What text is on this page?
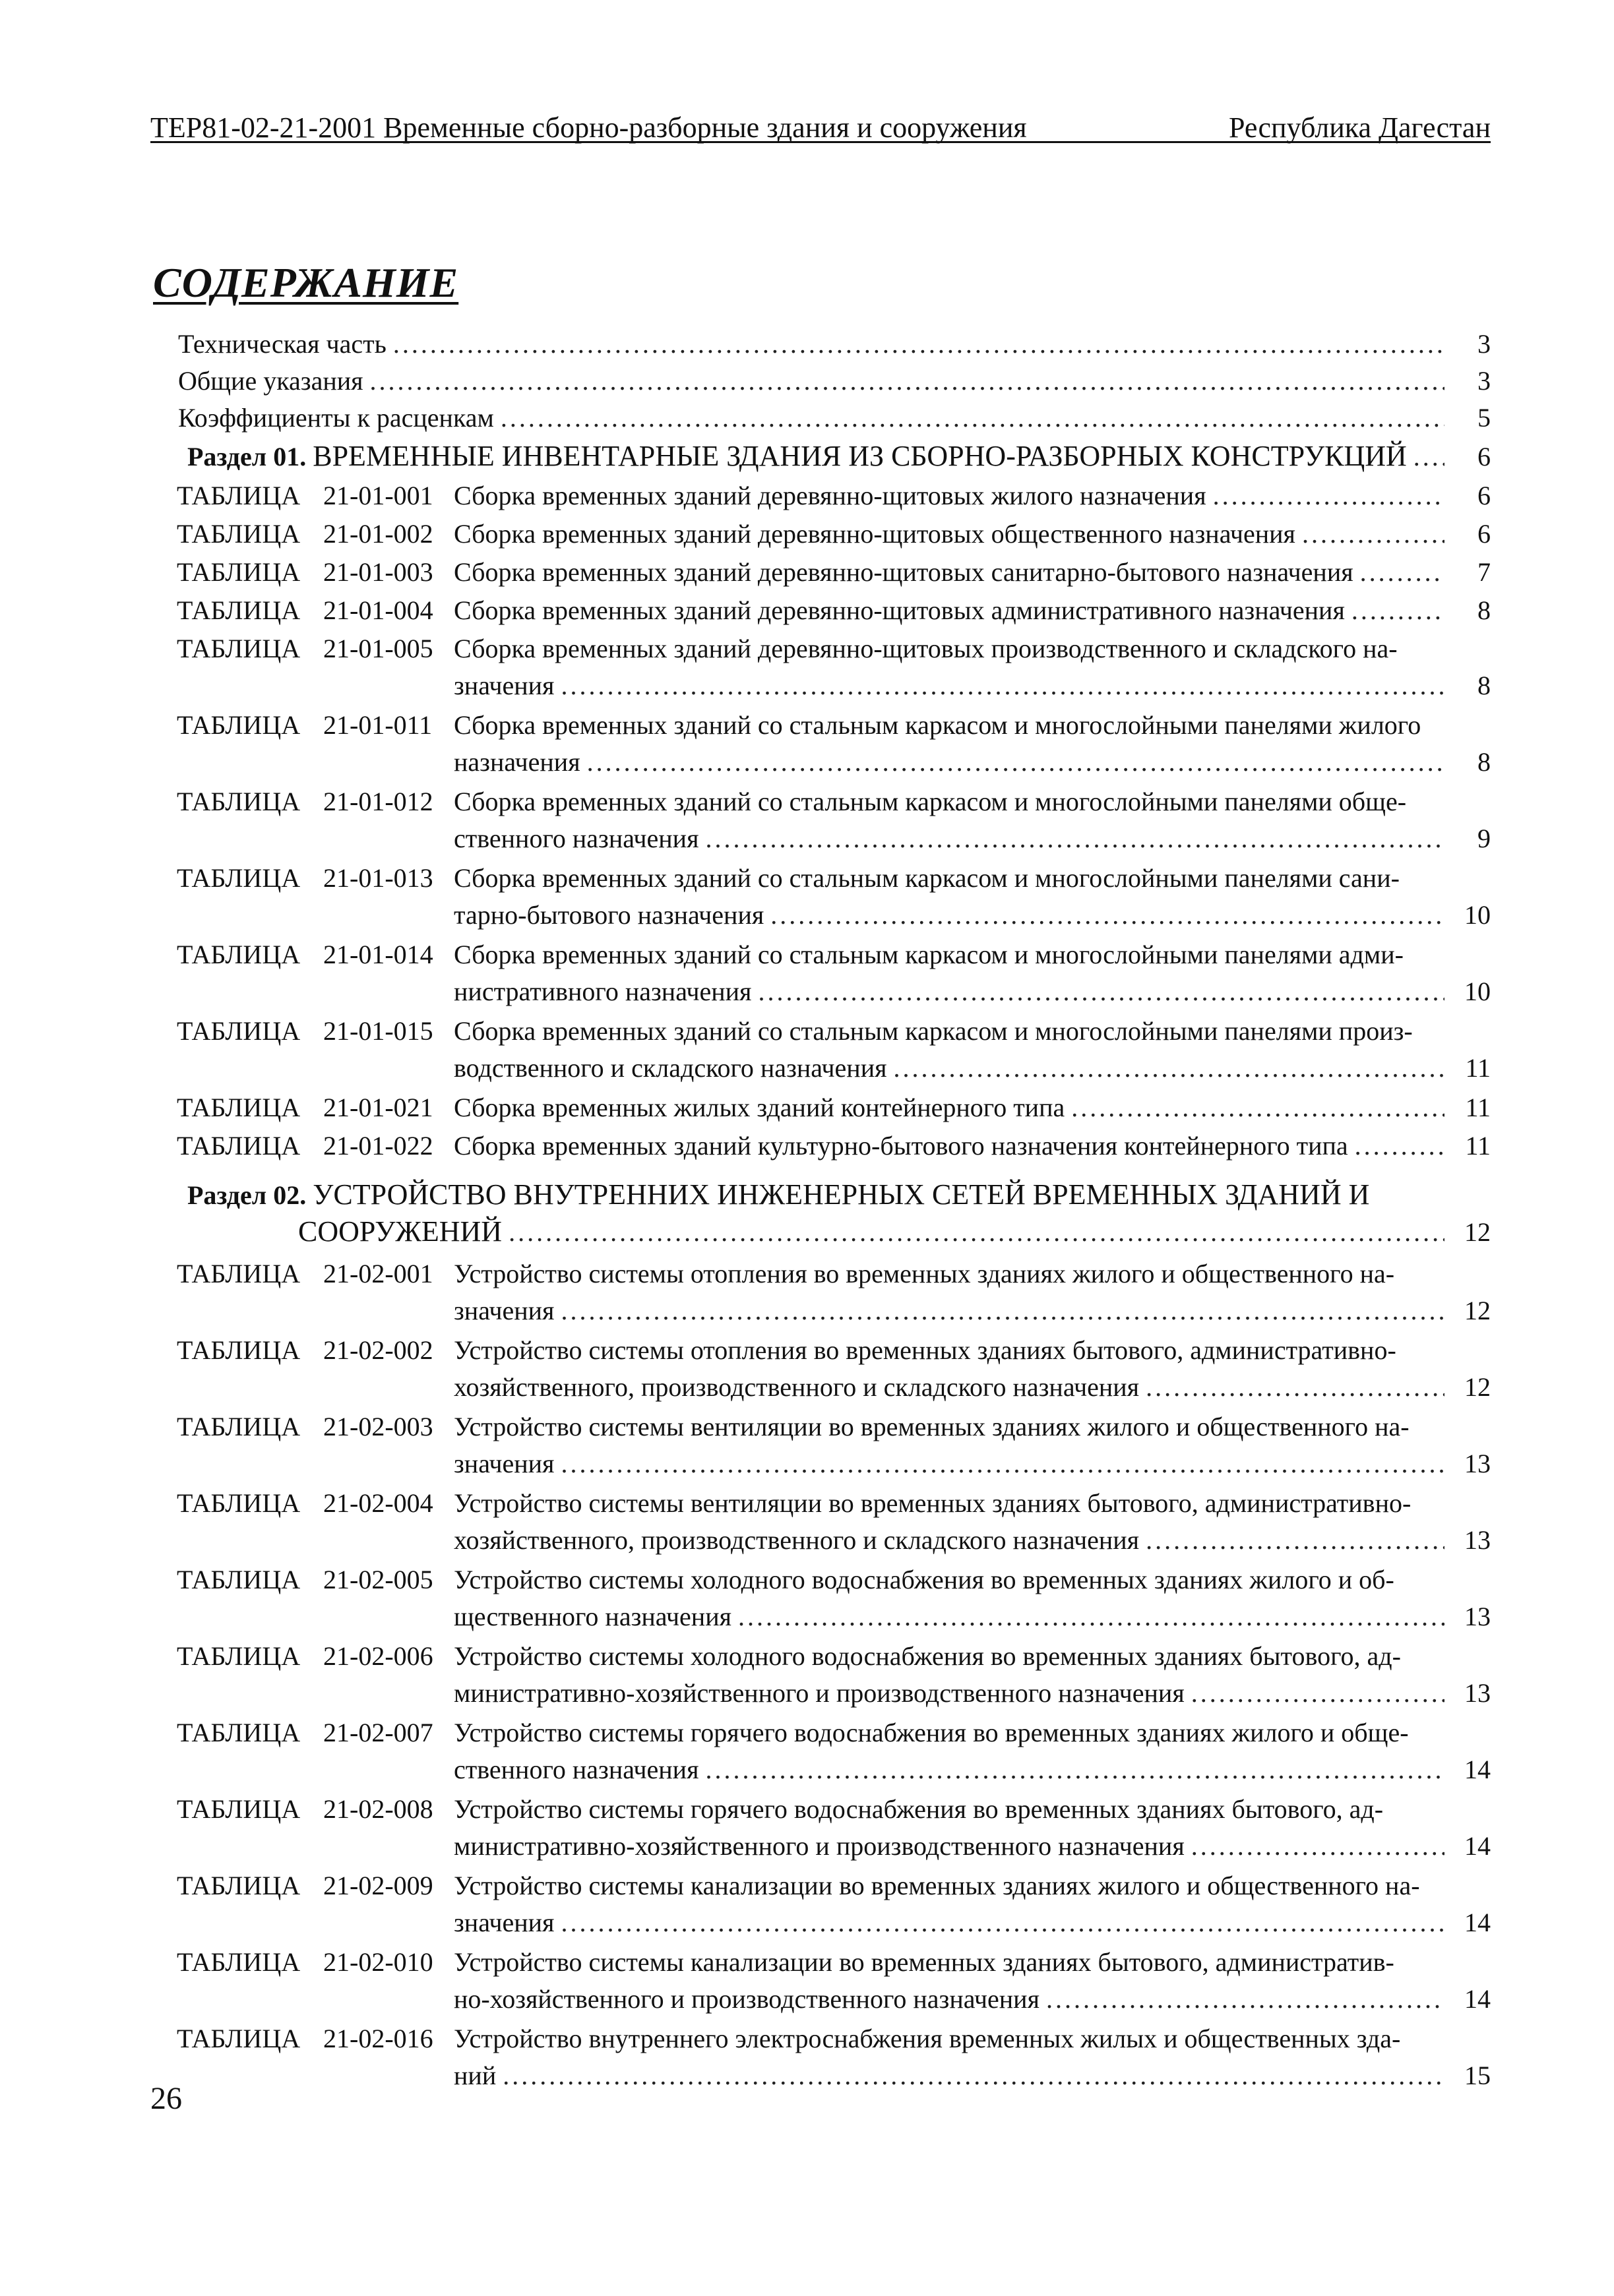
ТЕР81-02-21-2001 Временные сборно-разборные здания и сооружения	Республика Дагестан
СОДЕРЖАНИЕ
Техническая часть .....	3
Общие указания .....	3
Коэффициенты к расценкам .....	5
Раздел 01. ВРЕМЕННЫЕ ИНВЕНТАРНЫЕ ЗДАНИЯ ИЗ СБОРНО-РАЗБОРНЫХ КОНСТРУКЦИЙ .....	6
ТАБЛИЦА 21-01-001 Сборка временных зданий деревянно-щитовых жилого назначения .....	6
ТАБЛИЦА 21-01-002 Сборка временных зданий деревянно-щитовых общественного назначения .....	6
ТАБЛИЦА 21-01-003 Сборка временных зданий деревянно-щитовых санитарно-бытового назначения .....	7
ТАБЛИЦА 21-01-004 Сборка временных зданий деревянно-щитовых административного назначения .....	8
ТАБЛИЦА 21-01-005 Сборка временных зданий деревянно-щитовых производственного и складского на-
значения .....	8
ТАБЛИЦА 21-01-011 Сборка временных зданий со стальным каркасом и многослойными панелями жилого
назначения .....	8
ТАБЛИЦА 21-01-012 Сборка временных зданий со стальным каркасом и многослойными панелями обще-
ственного назначения .....	9
ТАБЛИЦА 21-01-013 Сборка временных зданий со стальным каркасом и многослойными панелями сани-
тарно-бытового назначения .....	10
ТАБЛИЦА 21-01-014 Сборка временных зданий со стальным каркасом и многослойными панелями адми-
нистративного назначения .....	10
ТАБЛИЦА 21-01-015 Сборка временных зданий со стальным каркасом и многослойными панелями произ-
водственного и складского назначения .....	11
ТАБЛИЦА 21-01-021 Сборка временных жилых зданий контейнерного типа .....	11
ТАБЛИЦА 21-01-022 Сборка временных зданий культурно-бытового назначения контейнерного типа .....	11
Раздел 02. УСТРОЙСТВО ВНУТРЕННИХ ИНЖЕНЕРНЫХ СЕТЕЙ ВРЕМЕННЫХ ЗДАНИЙ И
СООРУЖЕНИЙ .....	12
ТАБЛИЦА 21-02-001 Устройство системы отопления во временных зданиях жилого и общественного на-
значения .....	12
ТАБЛИЦА 21-02-002 Устройство системы отопления во временных зданиях бытового, административно-
хозяйственного, производственного и складского назначения .....	12
ТАБЛИЦА 21-02-003 Устройство системы вентиляции во временных зданиях жилого и общественного на-
значения .....	13
ТАБЛИЦА 21-02-004 Устройство системы вентиляции во временных зданиях бытового, административно-
хозяйственного, производственного и складского назначения .....	13
ТАБЛИЦА 21-02-005 Устройство системы холодного водоснабжения во временных зданиях жилого и об-
щественного назначения .....	13
ТАБЛИЦА 21-02-006 Устройство системы холодного водоснабжения во временных зданиях бытового, ад-
министративно-хозяйственного и производственного назначения .....	13
ТАБЛИЦА 21-02-007 Устройство системы горячего водоснабжения во временных зданиях жилого и обще-
ственного назначения .....	14
ТАБЛИЦА 21-02-008 Устройство системы горячего водоснабжения во временных зданиях бытового, ад-
министративно-хозяйственного и производственного назначения .....	14
ТАБЛИЦА 21-02-009 Устройство системы канализации во временных зданиях жилого и общественного на-
значения .....	14
ТАБЛИЦА 21-02-010 Устройство системы канализации во временных зданиях бытового, административ-
но-хозяйственного и производственного назначения .....	14
ТАБЛИЦА 21-02-016 Устройство внутреннего электроснабжения временных жилых и общественных зда-
ний .....	15
26
